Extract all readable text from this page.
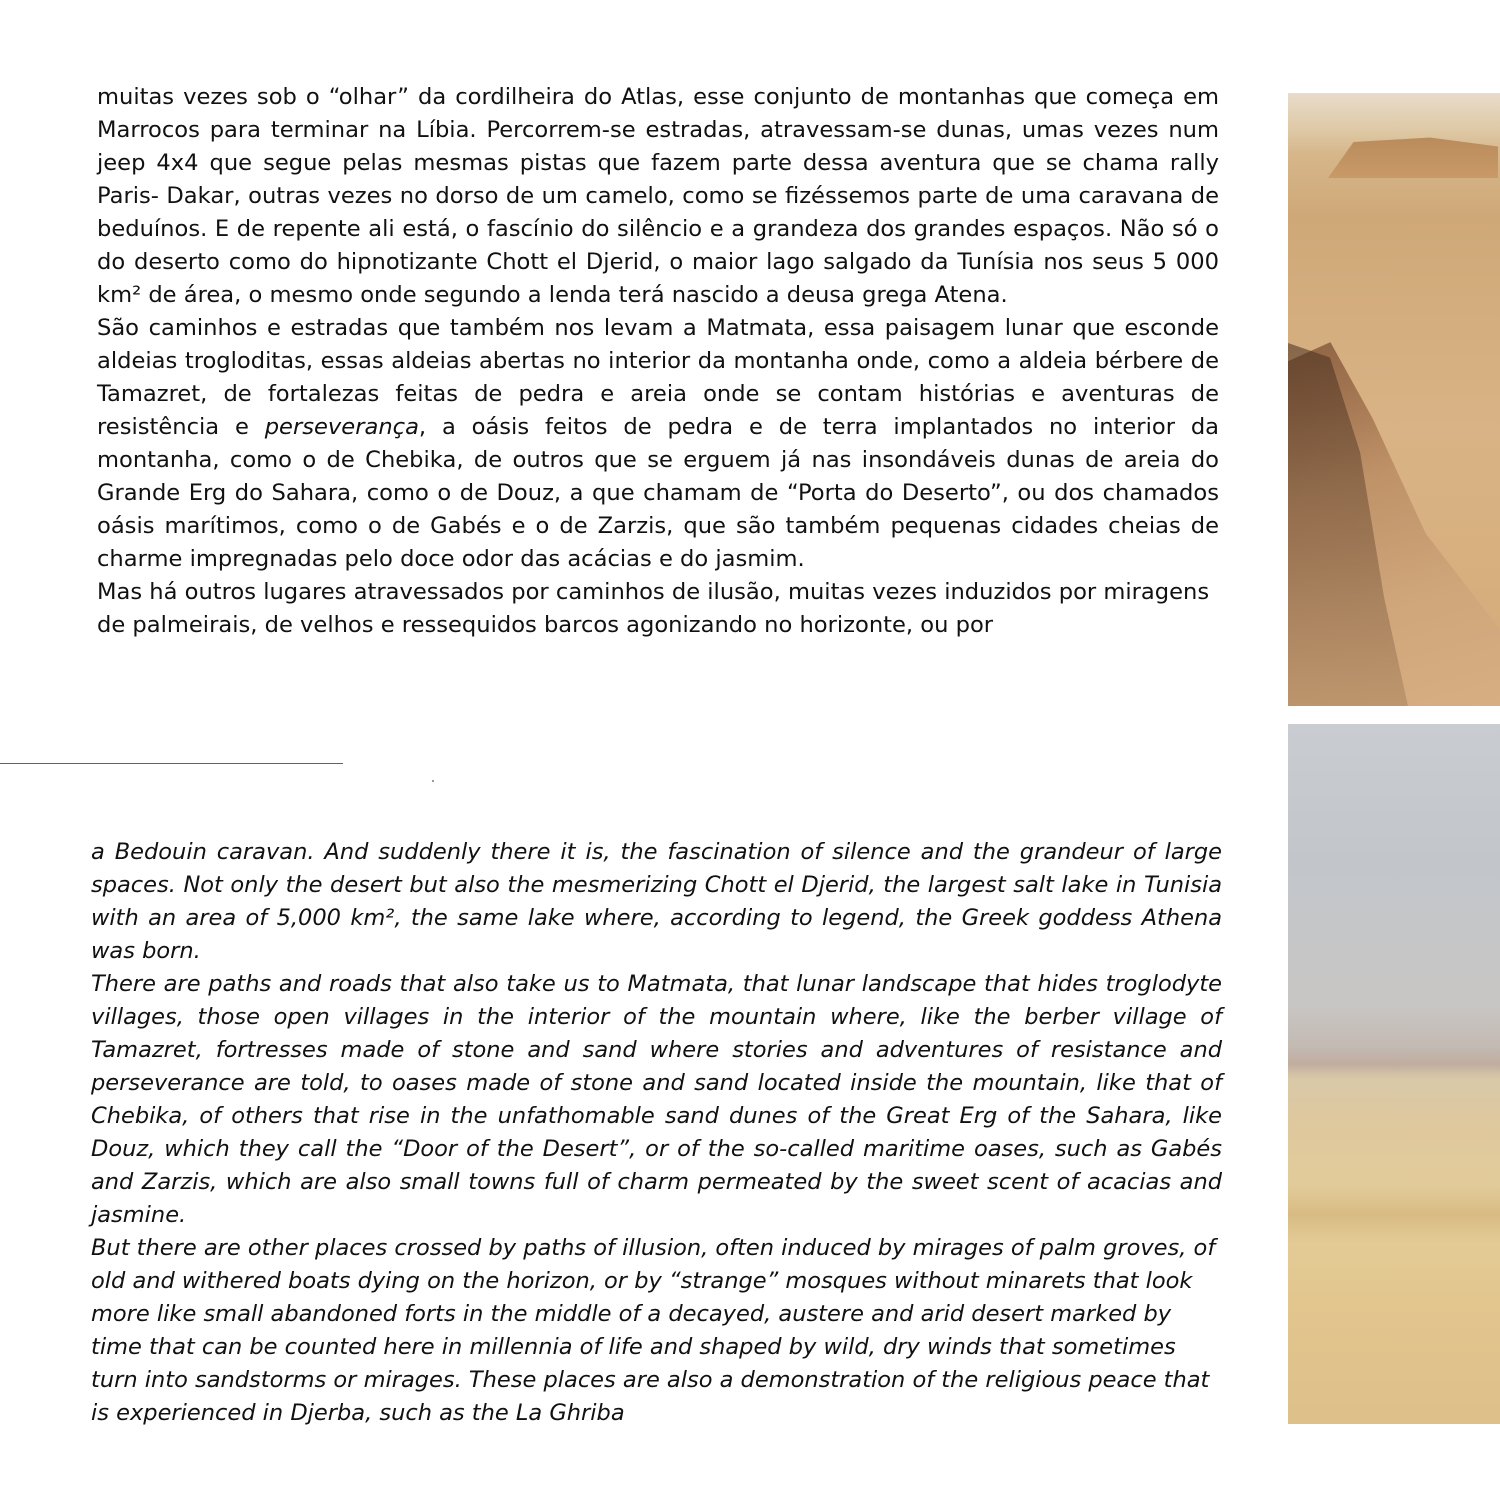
muitas vezes sob o “olhar” da cordilheira do Atlas, esse conjunto de montanhas que começa em Marrocos para terminar na Líbia. Percorrem-se estradas, atravessam-se dunas, umas vezes num jeep 4x4 que segue pelas mesmas pistas que fazem parte dessa aventura que se chama rally Paris- Dakar, outras vezes no dorso de um camelo, como se fizéssemos parte de uma caravana de beduínos. E de repente ali está, o fascínio do silêncio e a grandeza dos grandes espaços. Não só o do deserto como do hipnotizante Chott el Djerid, o maior lago salgado da Tunísia nos seus 5 000 km² de área, o mesmo onde segundo a lenda terá nascido a deusa grega Atena.

São caminhos e estradas que também nos levam a Matmata, essa paisagem lunar que esconde aldeias trogloditas, essas aldeias abertas no interior da montanha onde, como a aldeia bérbere de Tamazret, de fortalezas feitas de pedra e areia onde se contam histórias e aventuras de resistência e perseverança, a oásis feitos de pedra e de terra implantados no interior da montanha, como o de Chebika, de outros que se erguem já nas insondáveis dunas de areia do Grande Erg do Sahara, como o de Douz, a que chamam de “Porta do Deserto”, ou dos chamados oásis marítimos, como o de Gabés e o de Zarzis, que são também pequenas cidades cheias de charme impregnadas pelo doce odor das acácias e do jasmim.

Mas há outros lugares atravessados por caminhos de ilusão, muitas vezes induzidos por miragens de palmeirais, de velhos e ressequidos barcos agonizando no horizonte, ou por

a Bedouin caravan. And suddenly there it is, the fascination of silence and the grandeur of large spaces. Not only the desert but also the mesmerizing Chott el Djerid, the largest salt lake in Tunisia with an area of 5,000 km², the same lake where, according to legend, the Greek goddess Athena was born.

There are paths and roads that also take us to Matmata, that lunar landscape that hides troglodyte villages, those open villages in the interior of the mountain where, like the berber village of Tamazret, fortresses made of stone and sand where stories and adventures of resistance and perseverance are told, to oases made of stone and sand located inside the mountain, like that of Chebika, of others that rise in the unfathomable sand dunes of the Great Erg of the Sahara, like Douz, which they call the “Door of the Desert”, or of the so-called maritime oases, such as Gabés and Zarzis, which are also small towns full of charm permeated by the sweet scent of acacias and jasmine.

But there are other places crossed by paths of illusion, often induced by mirages of palm groves, of old and withered boats dying on the horizon, or by “strange” mosques without minarets that look more like small abandoned forts in the middle of a decayed, austere and arid desert marked by time that can be counted here in millennia of life and shaped by wild, dry winds that sometimes turn into sandstorms or mirages. These places are also a demonstration of the religious peace that is experienced in Djerba, such as the La Ghriba
